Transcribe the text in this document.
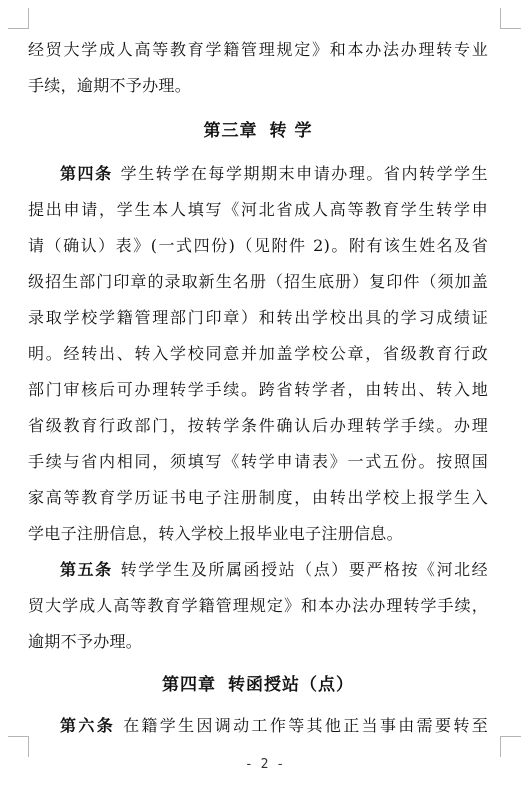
经贸大学成人高等教育学籍管理规定》和本办法办理转专业
手续，逾期不予办理。
第三章 转 学
第四条 学生转学在每学期期末申请办理。省内转学学生
提出申请，学生本人填写《河北省成人高等教育学生转学申
请（确认）表》(一式四份)（见附件 2)。附有该生姓名及省
级招生部门印章的录取新生名册（招生底册）复印件（须加盖
录取学校学籍管理部门印章）和转出学校出具的学习成绩证
明。经转出、转入学校同意并加盖学校公章，省级教育行政
部门审核后可办理转学手续。跨省转学者，由转出、转入地
省级教育行政部门，按转学条件确认后办理转学手续。办理
手续与省内相同，须填写《转学申请表》一式五份。按照国
家高等教育学历证书电子注册制度，由转出学校上报学生入
学电子注册信息，转入学校上报毕业电子注册信息。
第五条 转学学生及所属函授站（点）要严格按《河北经
贸大学成人高等教育学籍管理规定》和本办法办理转学手续，
逾期不予办理。
第四章 转函授站（点）
第六条 在籍学生因调动工作等其他正当事由需要转至
- 2 -
